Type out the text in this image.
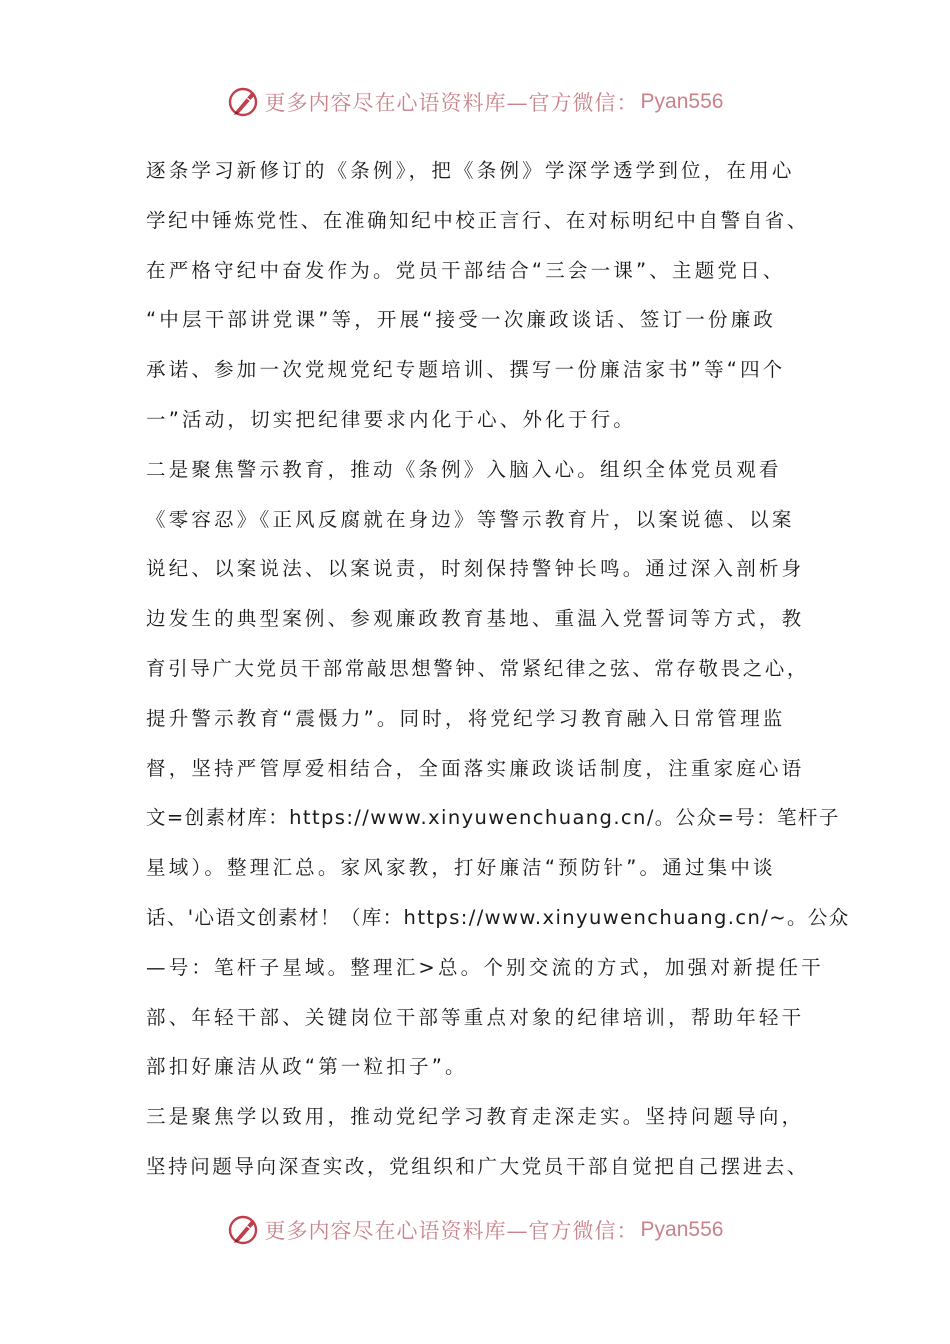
更多内容尽在心语资料库—官方微信： Pyan556
逐条学习新修订的《条例》，把《条例》学深学透学到位，在用心
学纪中锤炼党性、在准确知纪中校正言行、在对标明纪中自警自省、
在严格守纪中奋发作为。党员干部结合“三会一课”、主题党日、
“中层干部讲党课”等，开展“接受一次廉政谈话、签订一份廉政
承诺、参加一次党规党纪专题培训、撰写一份廉洁家书”等“四个
一”活动，切实把纪律要求内化于心、外化于行。
二是聚焦警示教育，推动《条例》入脑入心。组织全体党员观看
《零容忍》《正风反腐就在身边》等警示教育片，以案说德、以案
说纪、以案说法、以案说责，时刻保持警钟长鸣。通过深入剖析身
边发生的典型案例、参观廉政教育基地、重温入党誓词等方式，教
育引导广大党员干部常敲思想警钟、常紧纪律之弦、常存敬畏之心，
提升警示教育“震慑力”。同时，将党纪学习教育融入日常管理监
督，坚持严管厚爱相结合，全面落实廉政谈话制度，注重家庭心语
文=创素材库：https://www.xinyuwenchuang.cn/。公众=号：笔杆子
星域）。整理汇总。家风家教，打好廉洁“预防针”。通过集中谈
话、'心语文创素材！（库：https://www.xinyuwenchuang.cn/~。公众
—号：笔杆子星域。整理汇>总。个别交流的方式，加强对新提任干
部、年轻干部、关键岗位干部等重点对象的纪律培训，帮助年轻干
部扣好廉洁从政“第一粒扣子”。
三是聚焦学以致用，推动党纪学习教育走深走实。坚持问题导向，
坚持问题导向深查实改，党组织和广大党员干部自觉把自己摆进去、
更多内容尽在心语资料库—官方微信： Pyan556
